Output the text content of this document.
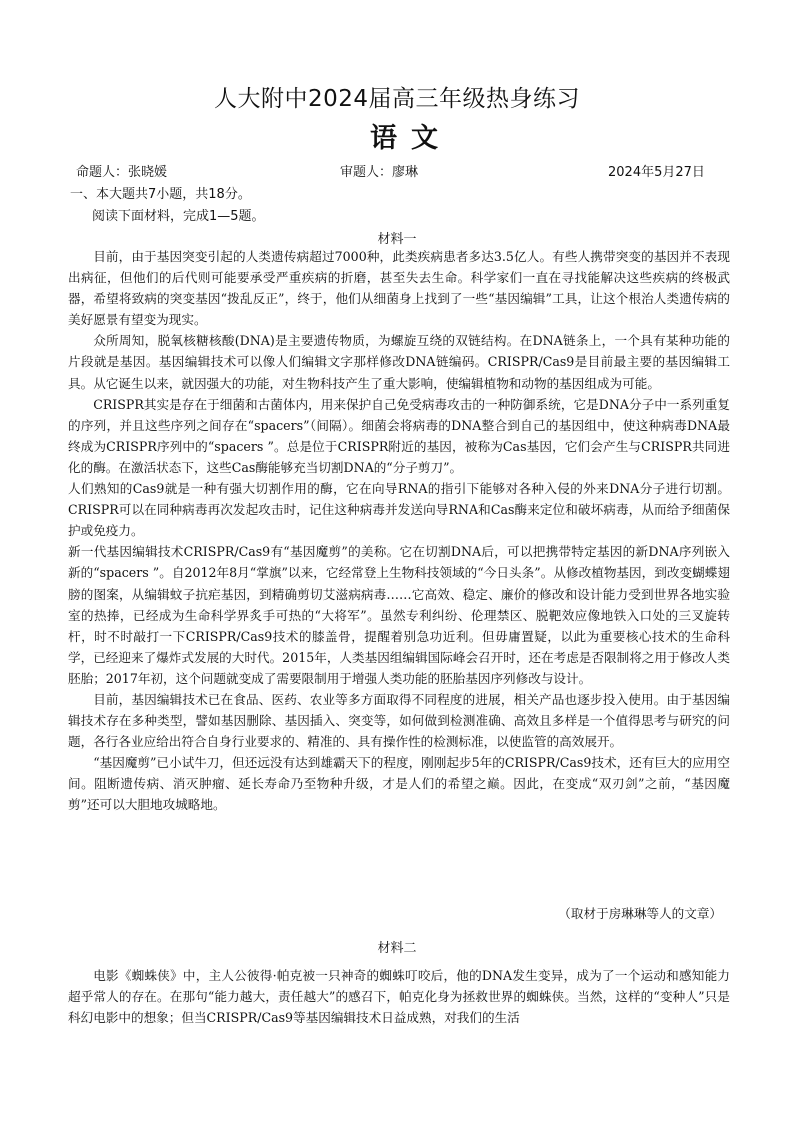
人大附中2024届高三年级热身练习
语文
命题人：张晓媛	审题人：廖琳	2024年5月27日
一、本大题共7小题，共18分。
阅读下面材料，完成1—5题。
材料一

目前，由于基因突变引起的人类遗传病超过7000种，此类疾病患者多达3.5亿人。有些人携带突变的基因并不表现出病征，但他们的后代则可能要承受严重疾病的折磨，甚至失去生命。科学家们一直在寻找能解决这些疾病的终极武器，希望将致病的突变基因“拨乱反正”，终于，他们从细菌身上找到了一些“基因编辑”工具，让这个根治人类遗传病的美好愿景有望变为现实。

众所周知，脱氧核糖核酸(DNA)是主要遗传物质，为螺旋互绕的双链结构。在DNA链条上，一个具有某种功能的片段就是基因。基因编辑技术可以像人们编辑文字那样修改DNA链编码。CRISPR/Cas9是目前最主要的基因编辑工具。从它诞生以来，就因强大的功能，对生物科技产生了重大影响，使编辑植物和动物的基因组成为可能。

CRISPR其实是存在于细菌和古菌体内，用来保护自己免受病毒攻击的一种防御系统，它是DNA分子中一系列重复的序列，并且这些序列之间存在“spacers”（间隔）。细菌会将病毒的DNA整合到自己的基因组中，使这种病毒DNA最终成为CRISPR序列中的“spacers ”。总是位于CRISPR附近的基因，被称为Cas基因，它们会产生与CRISPR共同进化的酶。在激活状态下，这些Cas酶能够充当切割DNA的“分子剪刀”。

人们熟知的Cas9就是一种有强大切割作用的酶，它在向导RNA的指引下能够对各种入侵的外来DNA分子进行切割。CRISPR可以在同种病毒再次发起攻击时，记住这种病毒并发送向导RNA和Cas酶来定位和破坏病毒，从而给予细菌保护或免疫力。

新一代基因编辑技术CRISPR/Cas9有“基因魔剪”的美称。它在切割DNA后，可以把携带特定基因的新DNA序列嵌入新的“spacers ”。自2012年8月“掌旗”以来，它经常登上生物科技领域的“今日头条”。从修改植物基因，到改变蝴蝶翅膀的图案，从编辑蚊子抗疟基因，到精确剪切艾滋病病毒……它高效、稳定、廉价的修改和设计能力受到世界各地实验室的热捧，已经成为生命科学界炙手可热的“大将军”。虽然专利纠纷、伦理禁区、脱靶效应像地铁入口处的三叉旋转杆，时不时敲打一下CRISPR/Cas9技术的膝盖骨，提醒着别急功近利。但毋庸置疑，以此为重要核心技术的生命科学，已经迎来了爆炸式发展的大时代。2015年，人类基因组编辑国际峰会召开时，还在考虑是否限制将之用于修改人类胚胎；2017年初，这个问题就变成了需要限制用于增强人类功能的胚胎基因序列修改与设计。

目前，基因编辑技术已在食品、医药、农业等多方面取得不同程度的进展，相关产品也逐步投入使用。由于基因编辑技术存在多种类型，譬如基因删除、基因插入、突变等，如何做到检测准确、高效且多样是一个值得思考与研究的问题，各行各业应给出符合自身行业要求的、精准的、具有操作性的检测标准，以使监管的高效展开。

“基因魔剪”已小试牛刀，但还远没有达到雄霸天下的程度，刚刚起步5年的CRISPR/Cas9技术，还有巨大的应用空间。阻断遗传病、消灭肿瘤、延长寿命乃至物种升级，才是人们的希望之巅。因此，在变成“双刃剑”之前，“基因魔剪”还可以大胆地攻城略地。

（取材于房琳琳等人的文章）
材料二

电影《蜘蛛侠》中，主人公彼得·帕克被一只神奇的蜘蛛叮咬后，他的DNA发生变异，成为了一个运动和感知能力超乎常人的存在。在那句“能力越大，责任越大”的感召下，帕克化身为拯救世界的蜘蛛侠。当然，这样的“变种人”只是科幻电影中的想象；但当CRISPR/Cas9等基因编辑技术日益成熟，对我们的生活
